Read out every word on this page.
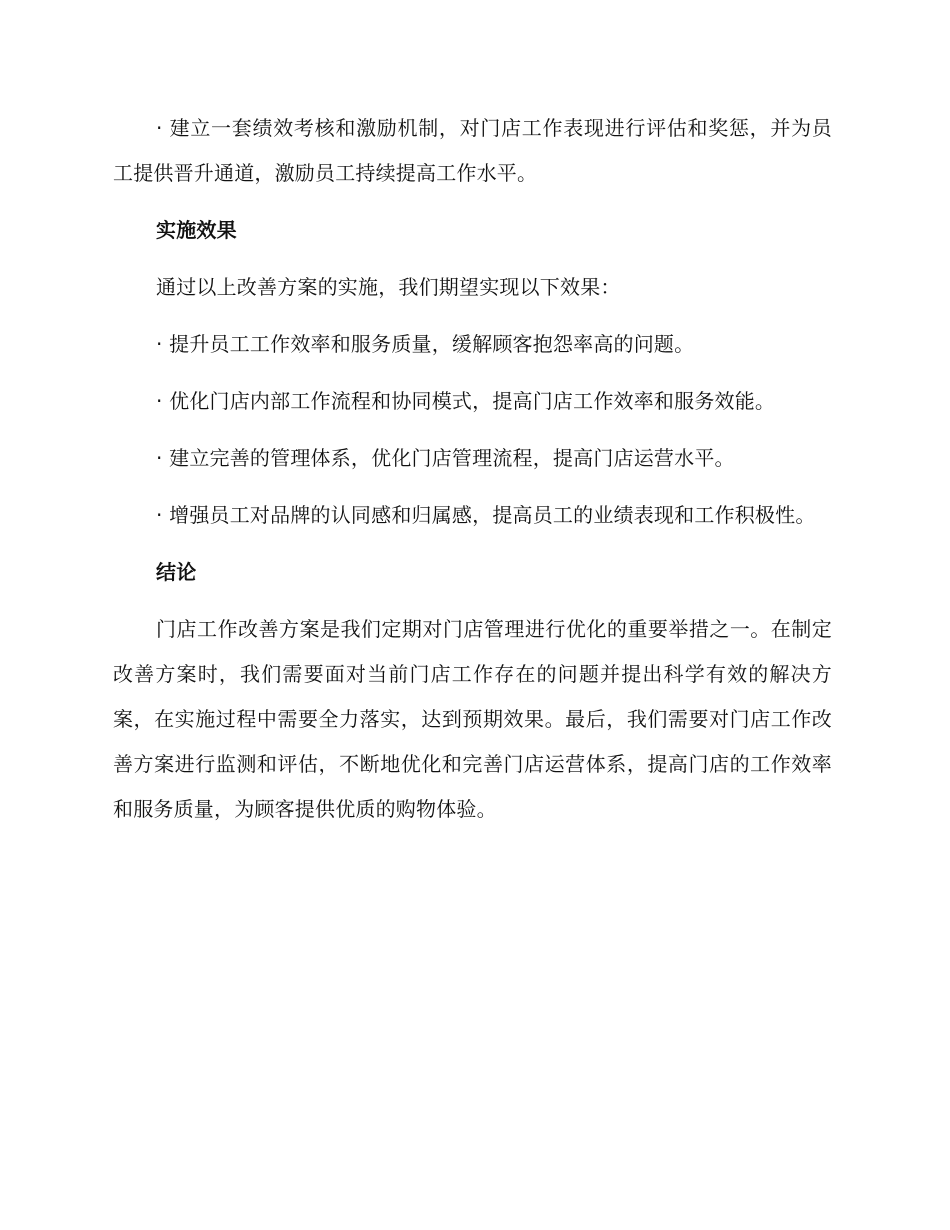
· 建立一套绩效考核和激励机制，对门店工作表现进行评估和奖惩，并为员工提供晋升通道，激励员工持续提高工作水平。

实施效果

通过以上改善方案的实施，我们期望实现以下效果：

· 提升员工工作效率和服务质量，缓解顾客抱怨率高的问题。

· 优化门店内部工作流程和协同模式，提高门店工作效率和服务效能。

· 建立完善的管理体系，优化门店管理流程，提高门店运营水平。

· 增强员工对品牌的认同感和归属感，提高员工的业绩表现和工作积极性。

结论

门店工作改善方案是我们定期对门店管理进行优化的重要举措之一。在制定改善方案时，我们需要面对当前门店工作存在的问题并提出科学有效的解决方案，在实施过程中需要全力落实，达到预期效果。最后，我们需要对门店工作改善方案进行监测和评估，不断地优化和完善门店运营体系，提高门店的工作效率和服务质量，为顾客提供优质的购物体验。
